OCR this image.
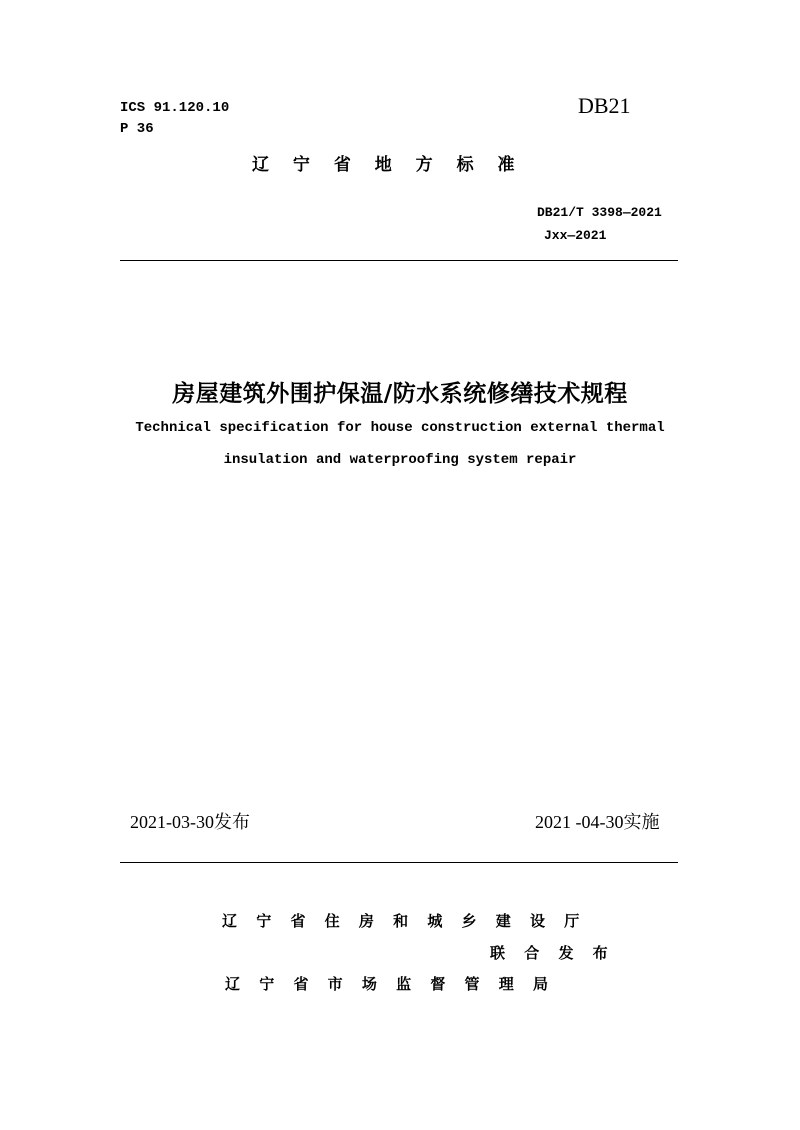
ICS 91.120.10
P 36
DB21
辽 宁 省 地 方 标 准
DB21/T 3398—2021
Jxx—2021
房屋建筑外围护保温/防水系统修缮技术规程
Technical specification for house construction external thermal
insulation and waterproofing system repair
2021-03-30发布	2021 -04-30实施
辽 宁 省 住 房 和 城 乡 建 设 厅
联 合 发 布
辽 宁 省 市 场 监 督 管 理 局
